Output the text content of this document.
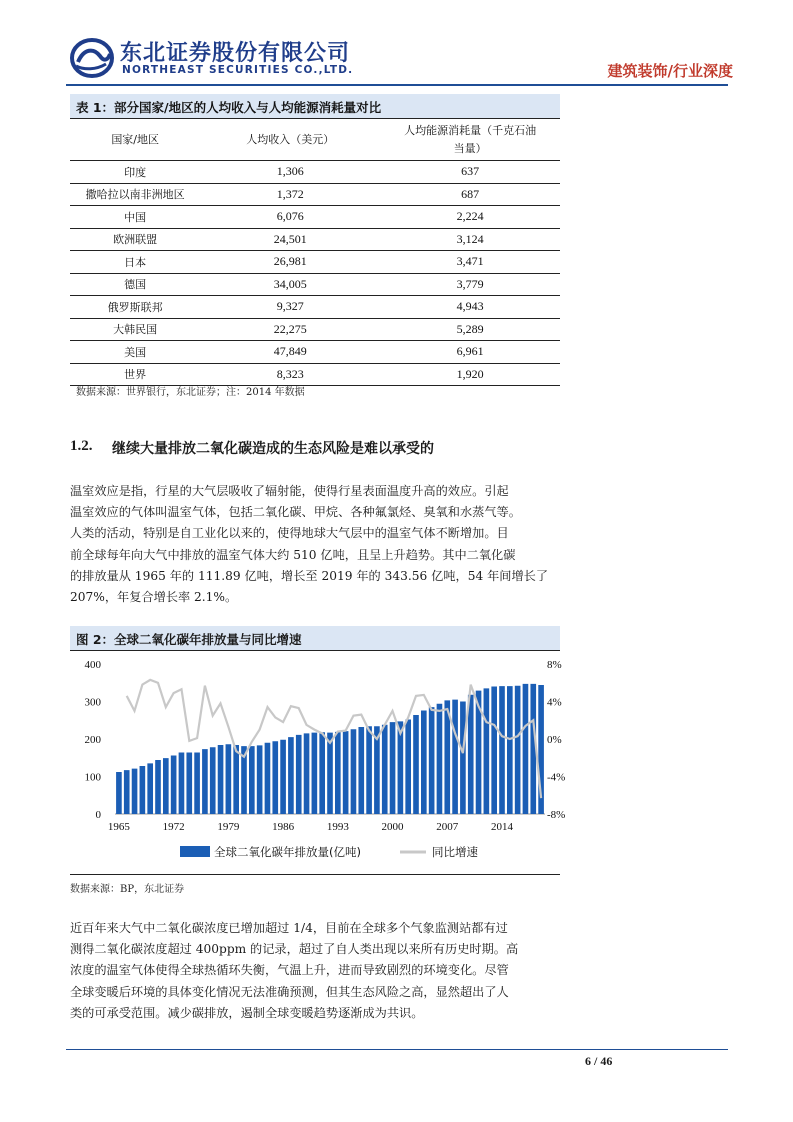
东北证券股份有限公司
NORTHEAST SECURITIES CO.,LTD.	建筑装饰/行业深度
表 1：部分国家/地区的人均收入与人均能源消耗量对比
国家/地区	人均收入（美元）	人均能源消耗量（千克石油
当量）
印度	1,306	637
撒哈拉以南非洲地区	1,372	687
中国	6,076	2,224
欧洲联盟	24,501	3,124
日本	26,981	3,471
德国	34,005	3,779
俄罗斯联邦	9,327	4,943
大韩民国	22,275	5,289
美国	47,849	6,961
世界	8,323	1,920
数据来源：世界银行，东北证券；注：2014 年数据
1.2. 继续大量排放二氧化碳造成的生态风险是难以承受的
温室效应是指，行星的大气层吸收了辐射能，使得行星表面温度升高的效应。引起
温室效应的气体叫温室气体，包括二氧化碳、甲烷、各种氟氯烃、臭氧和水蒸气等。
人类的活动，特别是自工业化以来的，使得地球大气层中的温室气体不断增加。目
前全球每年向大气中排放的温室气体大约 510 亿吨，且呈上升趋势。其中二氧化碳
的排放量从 1965 年的 111.89 亿吨，增长至 2019 年的 343.56 亿吨，54 年间增长了
207%，年复合增长率 2.1%。
图 2：全球二氧化碳年排放量与同比增速
0
100
200
300
400
-8%
-4%
0%
4%
8%
1965	1972	1979	1986	1993	2000	2007	2014
全球二氧化碳年排放量(亿吨)	同比增速
数据来源：BP，东北证券
近百年来大气中二氧化碳浓度已增加超过 1/4，目前在全球多个气象监测站都有过
测得二氧化碳浓度超过 400ppm 的记录，超过了自人类出现以来所有历史时期。高
浓度的温室气体使得全球热循环失衡，气温上升，进而导致剧烈的环境变化。尽管
全球变暖后环境的具体变化情况无法准确预测，但其生态风险之高，显然超出了人
类的可承受范围。减少碳排放，遏制全球变暖趋势逐渐成为共识。
6 / 46
